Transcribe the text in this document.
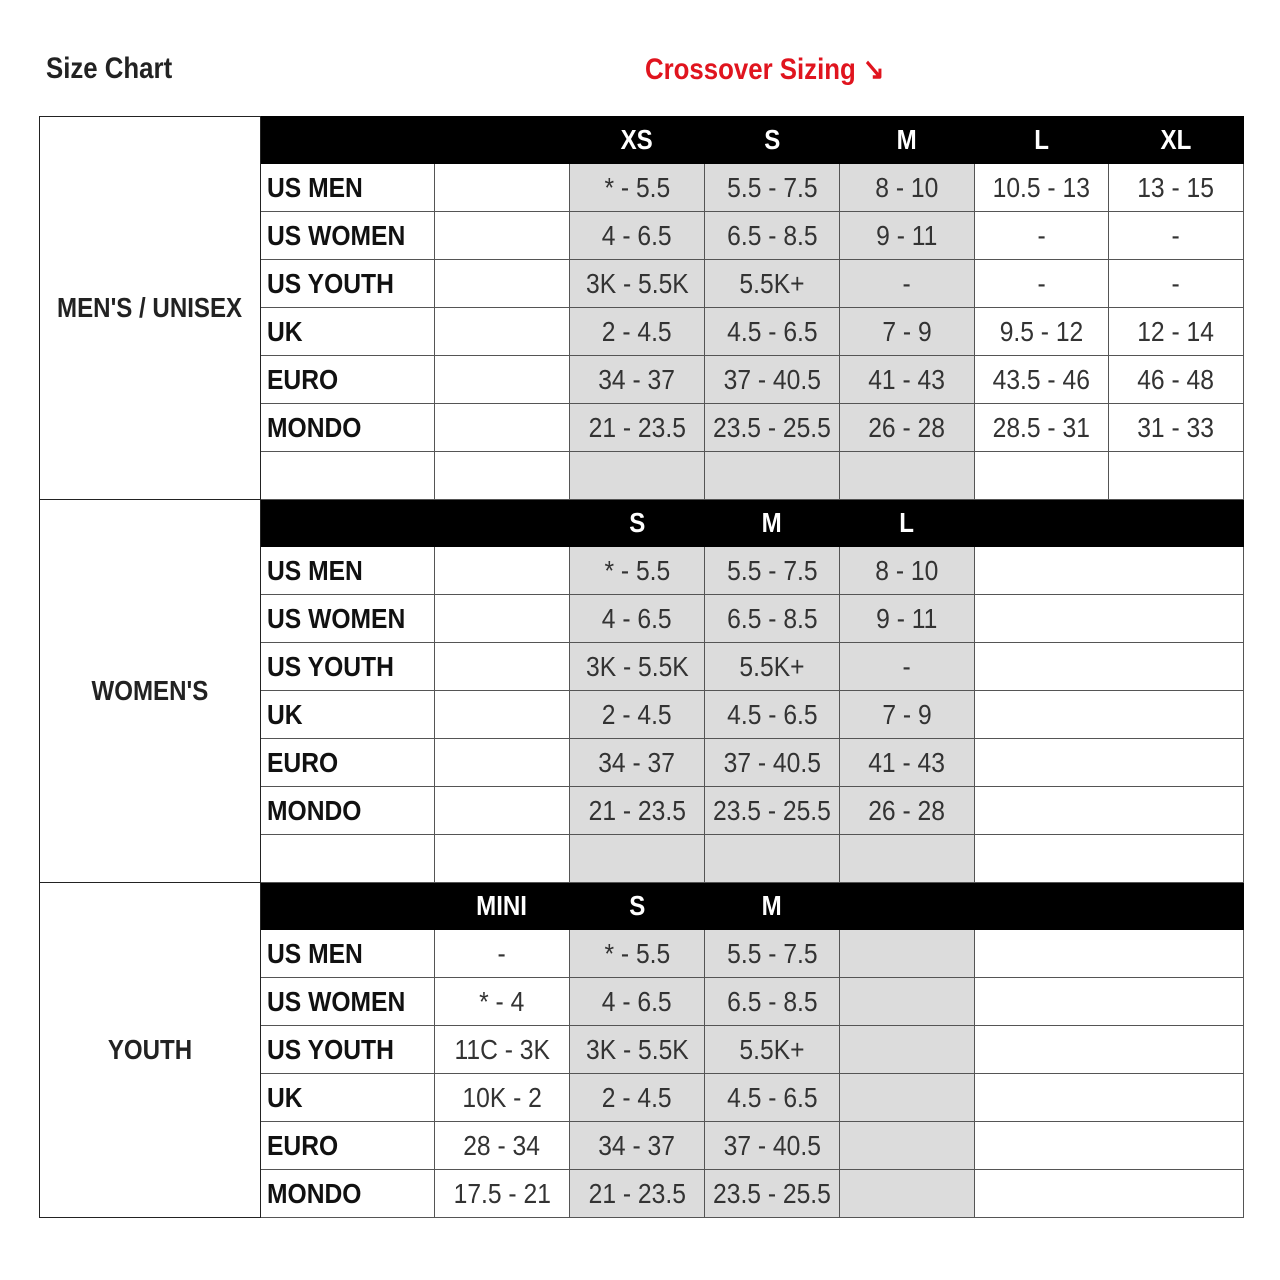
Size Chart	Crossover Sizing ↘
MEN'S / UNISEX			XS	S	M	L	XL
	US MEN		* - 5.5	5.5 - 7.5	8 - 10	10.5 - 13	13 - 15
	US WOMEN		4 - 6.5	6.5 - 8.5	9 - 11	-	-
	US YOUTH		3K - 5.5K	5.5K+	-	-	-
	UK		2 - 4.5	4.5 - 6.5	7 - 9	9.5 - 12	12 - 14
	EURO		34 - 37	37 - 40.5	41 - 43	43.5 - 46	46 - 48
	MONDO		21 - 23.5	23.5 - 25.5	26 - 28	28.5 - 31	31 - 33

WOMEN'S			S	M	L		
	US MEN		* - 5.5	5.5 - 7.5	8 - 10		
	US WOMEN		4 - 6.5	6.5 - 8.5	9 - 11		
	US YOUTH		3K - 5.5K	5.5K+	-		
	UK		2 - 4.5	4.5 - 6.5	7 - 9		
	EURO		34 - 37	37 - 40.5	41 - 43		
	MONDO		21 - 23.5	23.5 - 25.5	26 - 28		

YOUTH		MINI	S	M			
	US MEN	-	* - 5.5	5.5 - 7.5			
	US WOMEN	* - 4	4 - 6.5	6.5 - 8.5			
	US YOUTH	11C - 3K	3K - 5.5K	5.5K+			
	UK	10K - 2	2 - 4.5	4.5 - 6.5			
	EURO	28 - 34	34 - 37	37 - 40.5			
	MONDO	17.5 - 21	21 - 23.5	23.5 - 25.5			
